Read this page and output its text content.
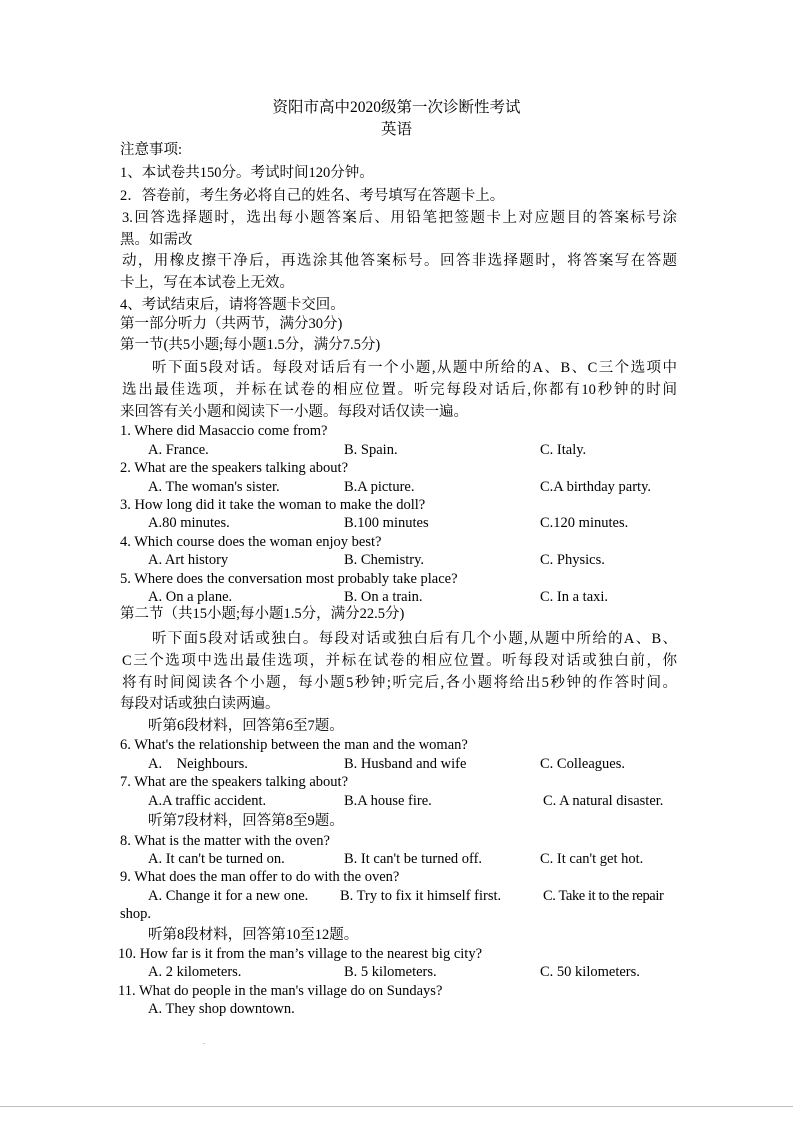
资阳市高中2020级第一次诊断性考试
英语
注意事项:
1、本试卷共150分。考试时间120分钟。
2．答卷前，考生务必将自己的姓名、考号填写在答题卡上。
3.回答选择题时，选出每小题答案后、用铅笔把签题卡上对应题目的答案标号涂
黑。如需改
动，用橡皮擦干净后，再选涂其他答案标号。回答非选择题时，将答案写在答题
卡上，写在本试卷上无效。
4、考试结束后，请将答题卡交回。
第一部分听力（共两节，满分30分)
第一节(共5小题;每小题1.5分，满分7.5分)
听下面5段对话。每段对话后有一个小题,从题中所给的A、B、C三个选项中
选出最佳选项，并标在试卷的相应位置。听完每段对话后,你都有10秒钟的时间
来回答有关小题和阅读下一小题。每段对话仅读一遍。
1. Where did Masaccio come from?
A. France.	B. Spain.	C. Italy.
2. What are the speakers talking about?
A. The woman's sister.	B.A picture.	C.A birthday party.
3. How long did it take the woman to make the doll?
A.80 minutes.	B.100 minutes	C.120 minutes.
4. Which course does the woman enjoy best?
A. Art history	B. Chemistry.	C. Physics.
5. Where does the conversation most probably take place?
A. On a plane.	B. On a train.	C. In a taxi.
第二节（共15小题;每小题1.5分，满分22.5分)
听下面5段对话或独白。每段对话或独白后有几个小题,从题中所给的A、B、
C三个选项中选出最佳选项，并标在试卷的相应位置。听每段对话或独白前，你
将有时间阅读各个小题，每小题5秒钟;听完后,各小题将给出5秒钟的作答时间。
每段对话或独白读两遍。
听第6段材料，回答第6至7题。
6. What's the relationship between the man and the woman?
A.    Neighbours.	B. Husband and wife	C. Colleagues.
7. What are the speakers talking about?
A.A traffic accident.	B.A house fire.	C. A natural disaster.
听第7段材料，回答第8至9题。
8. What is the matter with the oven?
A. It can't be turned on.	B. It can't be turned off.	C. It can't get hot.
9. What does the man offer to do with the oven?
A. Change it for a new one. B. Try to fix it himself first.	C. Take it to the repair
shop.
听第8段材料，回答第10至12题。
10. How far is it from the man’s village to the nearest big city?
A. 2 kilometers.	B. 5 kilometers.	C. 50 kilometers.
11. What do people in the man's village do on Sundays?
A. They shop downtown.
